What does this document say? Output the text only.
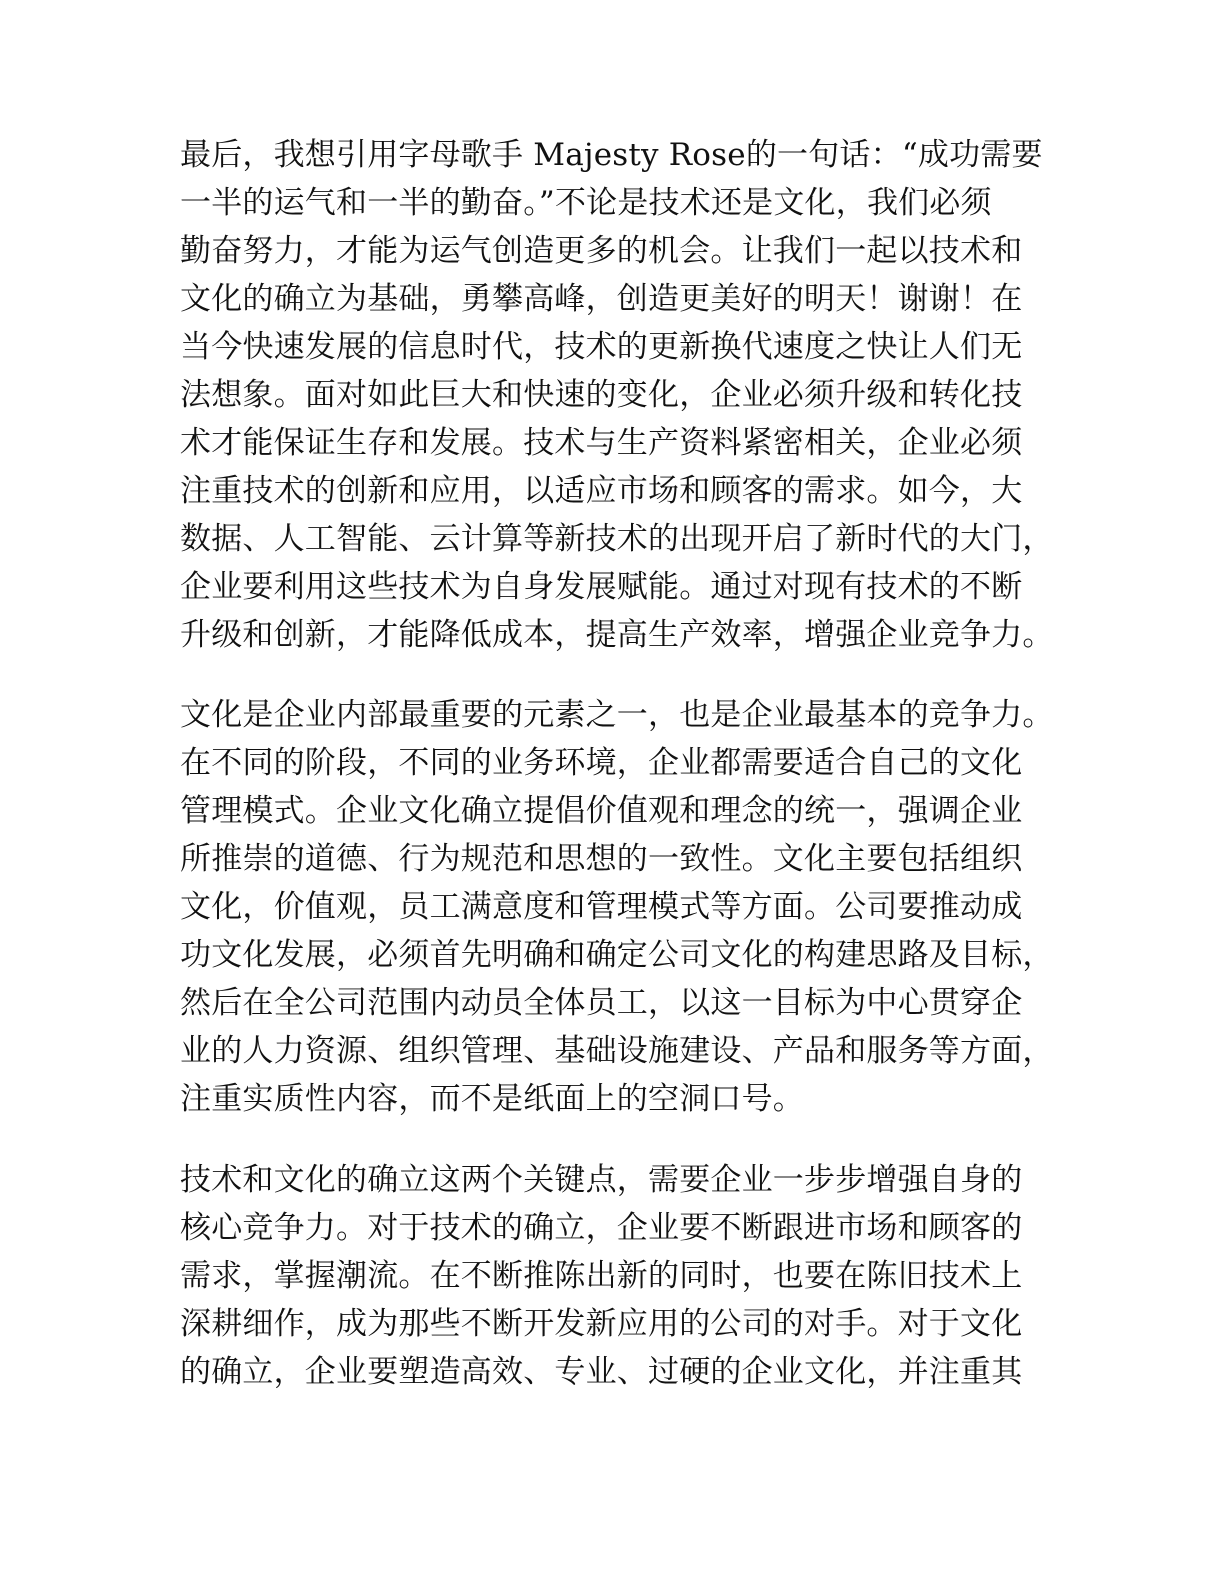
最后，我想引用字母歌手 Majesty Rose的一句话：“成功需要
一半的运气和一半的勤奋。”不论是技术还是文化，我们必须
勤奋努力，才能为运气创造更多的机会。让我们一起以技术和
文化的确立为基础，勇攀高峰，创造更美好的明天！谢谢！在
当今快速发展的信息时代，技术的更新换代速度之快让人们无
法想象。面对如此巨大和快速的变化，企业必须升级和转化技
术才能保证生存和发展。技术与生产资料紧密相关，企业必须
注重技术的创新和应用，以适应市场和顾客的需求。如今，大
数据、人工智能、云计算等新技术的出现开启了新时代的大门，
企业要利用这些技术为自身发展赋能。通过对现有技术的不断
升级和创新，才能降低成本，提高生产效率，增强企业竞争力。
文化是企业内部最重要的元素之一，也是企业最基本的竞争力。
在不同的阶段，不同的业务环境，企业都需要适合自己的文化
管理模式。企业文化确立提倡价值观和理念的统一，强调企业
所推崇的道德、行为规范和思想的一致性。文化主要包括组织
文化，价值观，员工满意度和管理模式等方面。公司要推动成
功文化发展，必须首先明确和确定公司文化的构建思路及目标，
然后在全公司范围内动员全体员工，以这一目标为中心贯穿企
业的人力资源、组织管理、基础设施建设、产品和服务等方面，
注重实质性内容，而不是纸面上的空洞口号。
技术和文化的确立这两个关键点，需要企业一步步增强自身的
核心竞争力。对于技术的确立，企业要不断跟进市场和顾客的
需求，掌握潮流。在不断推陈出新的同时，也要在陈旧技术上
深耕细作，成为那些不断开发新应用的公司的对手。对于文化
的确立，企业要塑造高效、专业、过硬的企业文化，并注重其
